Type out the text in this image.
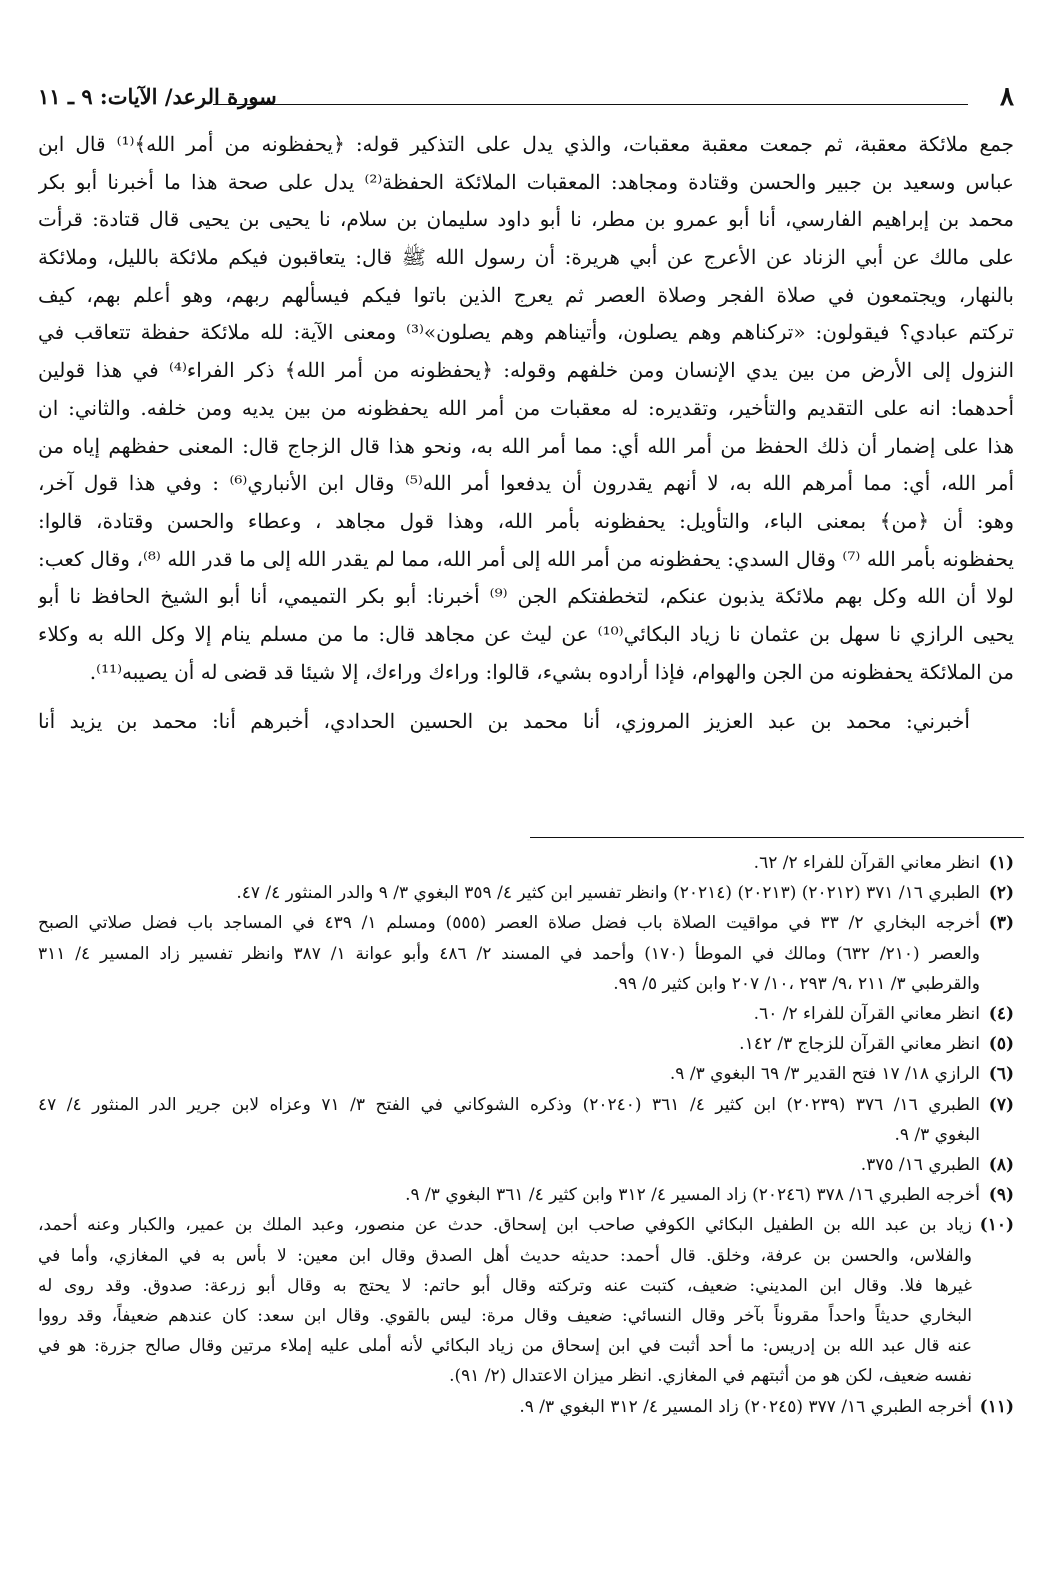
٨
سورة الرعد/ الآيات: ٩ ـ ١١
جمع ملائكة معقبة، ثم جمعت معقبة معقبات، والذي يدل على التذكير قوله: ﴿يحفظونه من أمر الله﴾⁽¹⁾ قال ابن
عباس وسعيد بن جبير والحسن وقتادة ومجاهد: المعقبات الملائكة الحفظة⁽²⁾ يدل على صحة هذا ما أخبرنا أبو بكر
محمد بن إبراهيم الفارسي، أنا أبو عمرو بن مطر، نا أبو داود سليمان بن سلام، نا يحيى بن يحيى قال قتادة: قرأت
على مالك عن أبي الزناد عن الأعرج عن أبي هريرة: أن رسول الله ﷺ قال: يتعاقبون فيكم ملائكة بالليل، وملائكة
بالنهار، ويجتمعون في صلاة الفجر وصلاة العصر ثم يعرج الذين باتوا فيكم فيسألهم ربهم، وهو أعلم بهم، كيف
تركتم عبادي؟ فيقولون: «تركناهم وهم يصلون، وأتيناهم وهم يصلون»⁽³⁾ ومعنى الآية: لله ملائكة حفظة تتعاقب في
النزول إلى الأرض من بين يدي الإنسان ومن خلفهم وقوله: ﴿يحفظونه من أمر الله﴾ ذكر الفراء⁽⁴⁾ في هذا قولين
أحدهما: انه على التقديم والتأخير، وتقديره: له معقبات من أمر الله يحفظونه من بين يديه ومن خلفه. والثاني: ان
هذا على إضمار أن ذلك الحفظ من أمر الله أي: مما أمر الله به، ونحو هذا قال الزجاج قال: المعنى حفظهم إياه من
أمر الله، أي: مما أمرهم الله به، لا أنهم يقدرون أن يدفعوا أمر الله⁽⁵⁾ وقال ابن الأنباري⁽⁶⁾ : وفي هذا قول آخر،
وهو: أن ﴿من﴾ بمعنى الباء، والتأويل: يحفظونه بأمر الله، وهذا قول مجاهد ، وعطاء والحسن وقتادة، قالوا:
يحفظونه بأمر الله ⁽⁷⁾ وقال السدي: يحفظونه من أمر الله إلى أمر الله، مما لم يقدر الله إلى ما قدر الله ⁽⁸⁾، وقال كعب:
لولا أن الله وكل بهم ملائكة يذبون عنكم، لتخطفتكم الجن ⁽⁹⁾ أخبرنا: أبو بكر التميمي، أنا أبو الشيخ الحافظ نا أبو
يحيى الرازي نا سهل بن عثمان نا زياد البكائي⁽¹⁰⁾ عن ليث عن مجاهد قال: ما من مسلم ينام إلا وكل الله به وكلاء
من الملائكة يحفظونه من الجن والهوام، فإذا أرادوه بشيء، قالوا: وراءك وراءك، إلا شيئا قد قضى له أن يصيبه⁽¹¹⁾.
أخبرني: محمد بن عبد العزيز المروزي، أنا محمد بن الحسين الحدادي، أخبرهم أنا: محمد بن يزيد أنا
(١)
انظر معاني القرآن للفراء ٢/ ٦٢.
(٢)
الطبري ١٦/ ٣٧١ (٢٠٢١٢) (٢٠٢١٣) (٢٠٢١٤) وانظر تفسير ابن كثير ٤/ ٣٥٩ البغوي ٣/ ٩ والدر المنثور ٤/ ٤٧.
(٣)
أخرجه البخاري ٢/ ٣٣ في مواقيت الصلاة باب فضل صلاة العصر (٥٥٥) ومسلم ١/ ٤٣٩ في المساجد باب فضل صلاتي الصبح
والعصر (٢١٠/ ٦٣٢) ومالك في الموطأ (١٧٠) وأحمد في المسند ٢/ ٤٨٦ وأبو عوانة ١/ ٣٨٧ وانظر تفسير زاد المسير ٤/ ٣١١
والقرطبي ٣/ ٢١١ ،٩/ ٢٩٣ ،١٠/ ٢٠٧ وابن كثير ٥/ ٩٩.
(٤)
انظر معاني القرآن للفراء ٢/ ٦٠.
(٥)
انظر معاني القرآن للزجاج ٣/ ١٤٢.
(٦)
الرازي ١٨/ ١٧ فتح القدير ٣/ ٦٩ البغوي ٣/ ٩.
(٧)
الطبري ١٦/ ٣٧٦ (٢٠٢٣٩) ابن كثير ٤/ ٣٦١ (٢٠٢٤٠) وذكره الشوكاني في الفتح ٣/ ٧١ وعزاه لابن جرير الدر المنثور ٤/ ٤٧
البغوي ٣/ ٩.
(٨)
الطبري ١٦/ ٣٧٥.
(٩)
أخرجه الطبري ١٦/ ٣٧٨ (٢٠٢٤٦) زاد المسير ٤/ ٣١٢ وابن كثير ٤/ ٣٦١ البغوي ٣/ ٩.
(١٠)
زياد بن عبد الله بن الطفيل البكائي الكوفي صاحب ابن إسحاق. حدث عن منصور، وعبد الملك بن عمير، والكبار وعنه أحمد،
والفلاس، والحسن بن عرفة، وخلق. قال أحمد: حديثه حديث أهل الصدق وقال ابن معين: لا بأس به في المغازي، وأما في
غيرها فلا. وقال ابن المديني: ضعيف، كتبت عنه وتركته وقال أبو حاتم: لا يحتج به وقال أبو زرعة: صدوق. وقد روى له
البخاري حديثاً واحداً مقروناً بآخر وقال النسائي: ضعيف وقال مرة: ليس بالقوي. وقال ابن سعد: كان عندهم ضعيفاً، وقد رووا
عنه قال عبد الله بن إدريس: ما أحد أثبت في ابن إسحاق من زياد البكائي لأنه أملى عليه إملاء مرتين وقال صالح جزرة: هو في
نفسه ضعيف، لكن هو من أثبتهم في المغازي. انظر ميزان الاعتدال (٢/ ٩١).
(١١)
أخرجه الطبري ١٦/ ٣٧٧ (٢٠٢٤٥) زاد المسير ٤/ ٣١٢ البغوي ٣/ ٩.
